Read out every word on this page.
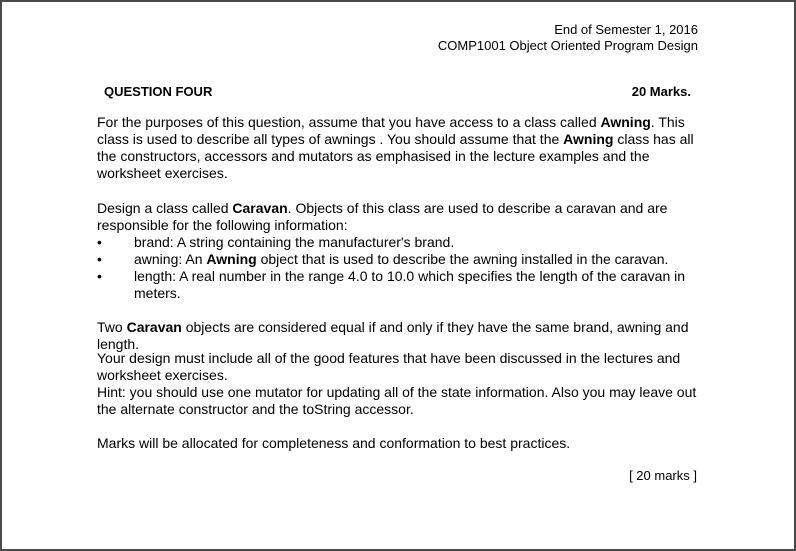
End of Semester 1, 2016
COMP1001 Object Oriented Program Design
QUESTION FOUR	20 Marks.
For the purposes of this question, assume that you have access to a class called Awning. This class is used to describe all types of awnings . You should assume that the Awning class has all the constructors, accessors and mutators as emphasised in the lecture examples and the worksheet exercises.
Design a class called Caravan. Objects of this class are used to describe a caravan and are responsible for the following information:
•	brand: A string containing the manufacturer's brand.
•	awning: An Awning object that is used to describe the awning installed in the caravan.
•	length: A real number in the range 4.0 to 10.0 which specifies the length of the caravan in meters.
Two Caravan objects are considered equal if and only if they have the same brand, awning and length.
Your design must include all of the good features that have been discussed in the lectures and worksheet exercises.
Hint: you should use one mutator for updating all of the state information. Also you may leave out the alternate constructor and the toString accessor.
Marks will be allocated for completeness and conformation to best practices.
[ 20 marks ]
